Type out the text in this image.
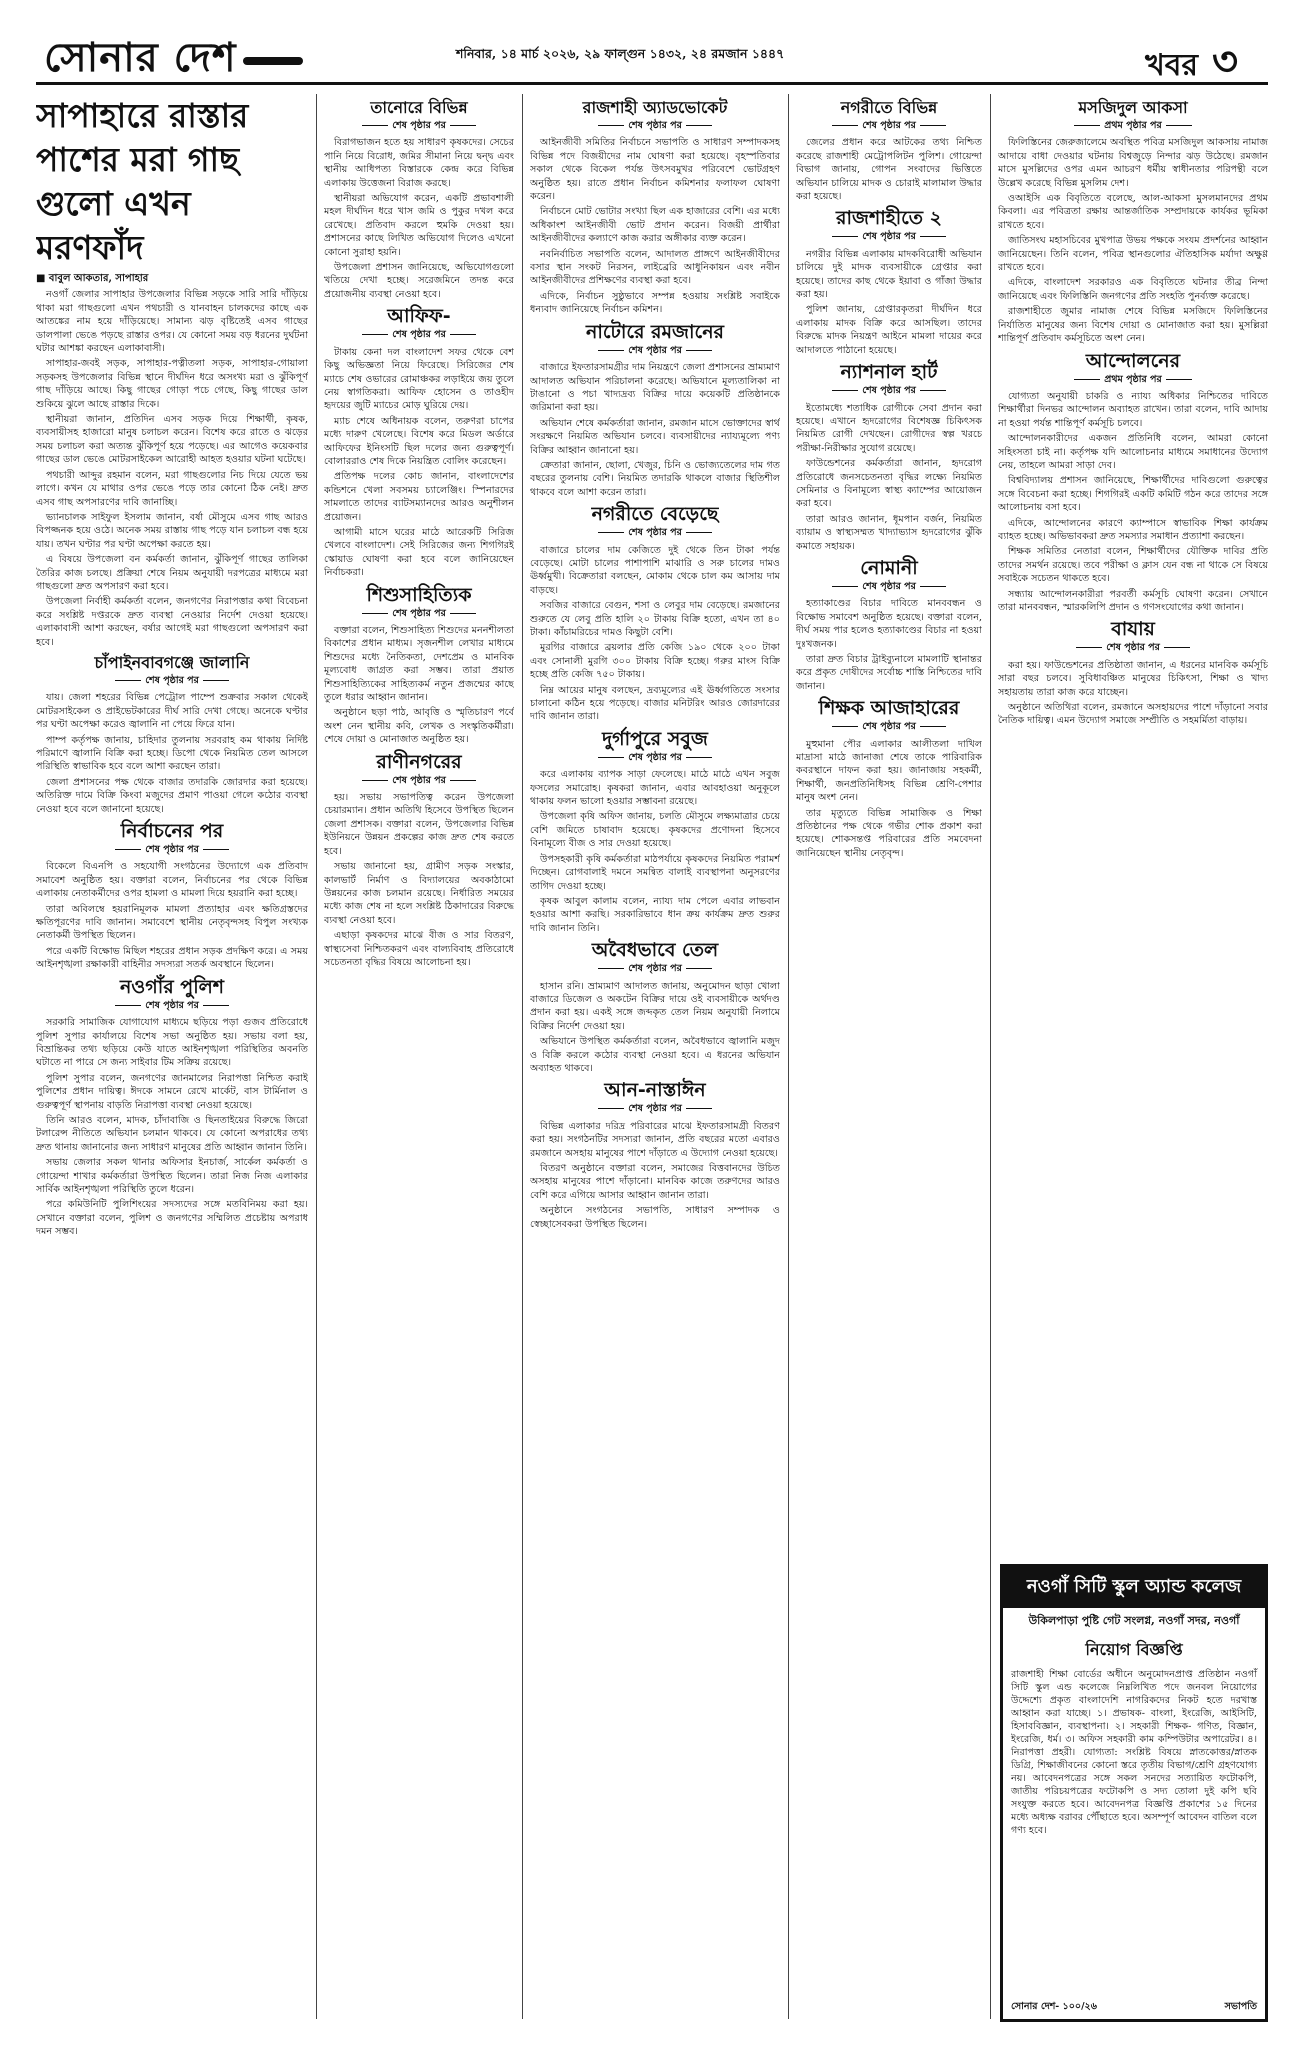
সোনার দেশ	শনিবার, ১৪ মার্চ ২০২৬, ২৯ ফাল্গুন ১৪৩২, ২৪ রমজান ১৪৪৭	খবর ৩
সাপাহারে রাস্তার পাশের মরা গাছ গুলো এখন মরণফাঁদ
■ বাবুল আকতার, সাপাহার

নওগাঁ জেলার সাপাহার উপজেলার বিভিন্ন সড়কে সারি সারি দাঁড়িয়ে থাকা মরা গাছগুলো এখন পথচারী ও যানবাহন চালকদের কাছে এক আতঙ্কের নাম হয়ে দাঁড়িয়েছে। সামান্য ঝড় বৃষ্টিতেই এসব গাছের ডালপালা ভেঙে পড়ছে রাস্তার ওপর। যে কোনো সময় বড় ধরনের দুর্ঘটনা ঘটার আশঙ্কা করছেন এলাকাবাসী।

সাপাহার-জবই সড়ক, সাপাহার-পত্নীতলা সড়ক, সাপাহার-গোয়ালা সড়কসহ উপজেলার বিভিন্ন স্থানে দীর্ঘদিন ধরে অসংখ্য মরা ও ঝুঁকিপূর্ণ গাছ দাঁড়িয়ে আছে। কিছু গাছের গোড়া পচে গেছে, কিছু গাছের ডাল শুকিয়ে ঝুলে আছে রাস্তার দিকে।

স্থানীয়রা জানান, প্রতিদিন এসব সড়ক দিয়ে শিক্ষার্থী, কৃষক, ব্যবসায়ীসহ হাজারো মানুষ চলাচল করেন। বিশেষ করে রাতে ও ঝড়ের সময় চলাচল করা অত্যন্ত ঝুঁকিপূর্ণ হয়ে পড়েছে। এর আগেও কয়েকবার গাছের ডাল ভেঙে মোটরসাইকেল আরোহী আহত হওয়ার ঘটনা ঘটেছে।

পথচারী আব্দুর রহমান বলেন, মরা গাছগুলোর নিচ দিয়ে যেতে ভয় লাগে। কখন যে মাথার ওপর ভেঙে পড়ে তার কোনো ঠিক নেই। দ্রুত এসব গাছ অপসারণের দাবি জানাচ্ছি।

ভ্যানচালক সাইফুল ইসলাম জানান, বর্ষা মৌসুমে এসব গাছ আরও বিপজ্জনক হয়ে ওঠে। অনেক সময় রাস্তায় গাছ পড়ে যান চলাচল বন্ধ হয়ে যায়। তখন ঘণ্টার পর ঘণ্টা অপেক্ষা করতে হয়।

এ বিষয়ে উপজেলা বন কর্মকর্তা জানান, ঝুঁকিপূর্ণ গাছের তালিকা তৈরির কাজ চলছে। প্রক্রিয়া শেষে নিয়ম অনুযায়ী দরপত্রের মাধ্যমে মরা গাছগুলো দ্রুত অপসারণ করা হবে।

উপজেলা নির্বাহী কর্মকর্তা বলেন, জনগণের নিরাপত্তার কথা বিবেচনা করে সংশ্লিষ্ট দপ্তরকে দ্রুত ব্যবস্থা নেওয়ার নির্দেশ দেওয়া হয়েছে। এলাকাবাসী আশা করছেন, বর্ষার আগেই মরা গাছগুলো অপসারণ করা হবে।

চাঁপাইনবাবগঞ্জে জালানি
শেষ পৃষ্ঠার পর

যায়। জেলা শহরের বিভিন্ন পেট্রোল পাম্পে শুক্রবার সকাল থেকেই মোটরসাইকেল ও প্রাইভেটকারের দীর্ঘ সারি দেখা গেছে। অনেকে ঘণ্টার পর ঘণ্টা অপেক্ষা করেও জ্বালানি না পেয়ে ফিরে যান।

পাম্প কর্তৃপক্ষ জানায়, চাহিদার তুলনায় সরবরাহ কম থাকায় নির্দিষ্ট পরিমাণে জ্বালানি বিক্রি করা হচ্ছে। ডিপো থেকে নিয়মিত তেল আসলে পরিস্থিতি স্বাভাবিক হবে বলে আশা করছেন তারা।

জেলা প্রশাসনের পক্ষ থেকে বাজার তদারকি জোরদার করা হয়েছে। অতিরিক্ত দামে বিক্রি কিংবা মজুদের প্রমাণ পাওয়া গেলে কঠোর ব্যবস্থা নেওয়া হবে বলে জানানো হয়েছে।

নির্বাচনের পর
শেষ পৃষ্ঠার পর

বিকেলে বিএনপি ও সহযোগী সংগঠনের উদ্যোগে এক প্রতিবাদ সমাবেশ অনুষ্ঠিত হয়। বক্তারা বলেন, নির্বাচনের পর থেকে বিভিন্ন এলাকায় নেতাকর্মীদের ওপর হামলা ও মামলা দিয়ে হয়রানি করা হচ্ছে।

তারা অবিলম্বে হয়রানিমূলক মামলা প্রত্যাহার এবং ক্ষতিগ্রস্তদের ক্ষতিপূরণের দাবি জানান। সমাবেশে স্থানীয় নেতৃবৃন্দসহ বিপুল সংখ্যক নেতাকর্মী উপস্থিত ছিলেন।

পরে একটি বিক্ষোভ মিছিল শহরের প্রধান সড়ক প্রদক্ষিণ করে। এ সময় আইনশৃঙ্খলা রক্ষাকারী বাহিনীর সদস্যরা সতর্ক অবস্থানে ছিলেন।

নওগাঁর পুলিশ
শেষ পৃষ্ঠার পর

সরকারি সামাজিক যোগাযোগ মাধ্যমে ছড়িয়ে পড়া গুজব প্রতিরোধে পুলিশ সুপার কার্যালয়ে বিশেষ সভা অনুষ্ঠিত হয়। সভায় বলা হয়, বিভ্রান্তিকর তথ্য ছড়িয়ে কেউ যাতে আইনশৃঙ্খলা পরিস্থিতির অবনতি ঘটাতে না পারে সে জন্য সাইবার টিম সক্রিয় রয়েছে।

পুলিশ সুপার বলেন, জনগণের জানমালের নিরাপত্তা নিশ্চিত করাই পুলিশের প্রধান দায়িত্ব। ঈদকে সামনে রেখে মার্কেট, বাস টার্মিনাল ও গুরুত্বপূর্ণ স্থাপনায় বাড়তি নিরাপত্তা ব্যবস্থা নেওয়া হয়েছে।

তিনি আরও বলেন, মাদক, চাঁদাবাজি ও ছিনতাইয়ের বিরুদ্ধে জিরো টলারেন্স নীতিতে অভিযান চলমান থাকবে। যে কোনো অপরাধের তথ্য দ্রুত থানায় জানানোর জন্য সাধারণ মানুষের প্রতি আহ্বান জানান তিনি।

সভায় জেলার সকল থানার অফিসার ইনচার্জ, সার্কেল কর্মকর্তা ও গোয়েন্দা শাখার কর্মকর্তারা উপস্থিত ছিলেন। তারা নিজ নিজ এলাকার সার্বিক আইনশৃঙ্খলা পরিস্থিতি তুলে ধরেন।

পরে কমিউনিটি পুলিশিংয়ের সদস্যদের সঙ্গে মতবিনিময় করা হয়। সেখানে বক্তারা বলেন, পুলিশ ও জনগণের সম্মিলিত প্রচেষ্টায় অপরাধ দমন সম্ভব।

তানোরে বিভিন্ন
শেষ পৃষ্ঠার পর

বিরাগভাজন হতে হয় সাধারণ কৃষকদের। সেচের পানি নিয়ে বিরোধ, জমির সীমানা নিয়ে দ্বন্দ্ব এবং স্থানীয় আধিপত্য বিস্তারকে কেন্দ্র করে বিভিন্ন এলাকায় উত্তেজনা বিরাজ করছে।

স্থানীয়রা অভিযোগ করেন, একটি প্রভাবশালী মহল দীর্ঘদিন ধরে খাস জমি ও পুকুর দখল করে রেখেছে। প্রতিবাদ করলে হুমকি দেওয়া হয়। প্রশাসনের কাছে লিখিত অভিযোগ দিলেও এখনো কোনো সুরাহা হয়নি।

উপজেলা প্রশাসন জানিয়েছে, অভিযোগগুলো খতিয়ে দেখা হচ্ছে। সরেজমিনে তদন্ত করে প্রয়োজনীয় ব্যবস্থা নেওয়া হবে।

আফিফ-
শেষ পৃষ্ঠার পর

টাকায় কেনা দল বাংলাদেশ সফর থেকে বেশ কিছু অভিজ্ঞতা নিয়ে ফিরেছে। সিরিজের শেষ ম্যাচে শেষ ওভারের রোমাঞ্চকর লড়াইয়ে জয় তুলে নেয় স্বাগতিকরা। আফিফ হোসেন ও তাওহীদ হৃদয়ের জুটি ম্যাচের মোড় ঘুরিয়ে দেয়।

ম্যাচ শেষে অধিনায়ক বলেন, তরুণরা চাপের মধ্যে দারুণ খেলেছে। বিশেষ করে মিডল অর্ডারে আফিফের ইনিংসটি ছিল দলের জন্য গুরুত্বপূর্ণ। বোলাররাও শেষ দিকে নিয়ন্ত্রিত বোলিং করেছেন।

প্রতিপক্ষ দলের কোচ জানান, বাংলাদেশের কন্ডিশনে খেলা সবসময় চ্যালেঞ্জিং। স্পিনারদের সামলাতে তাদের ব্যাটসম্যানদের আরও অনুশীলন প্রয়োজন।

আগামী মাসে ঘরের মাঠে আরেকটি সিরিজ খেলবে বাংলাদেশ। সেই সিরিজের জন্য শিগগিরই স্কোয়াড ঘোষণা করা হবে বলে জানিয়েছেন নির্বাচকরা।

শিশুসাহিত্যিক
শেষ পৃষ্ঠার পর

বক্তারা বলেন, শিশুসাহিত্য শিশুদের মননশীলতা বিকাশের প্রধান মাধ্যম। সৃজনশীল লেখার মাধ্যমে শিশুদের মধ্যে নৈতিকতা, দেশপ্রেম ও মানবিক মূল্যবোধ জাগ্রত করা সম্ভব। তারা প্রয়াত শিশুসাহিত্যিকের সাহিত্যকর্ম নতুন প্রজন্মের কাছে তুলে ধরার আহ্বান জানান।

অনুষ্ঠানে ছড়া পাঠ, আবৃত্তি ও স্মৃতিচারণ পর্বে অংশ নেন স্থানীয় কবি, লেখক ও সংস্কৃতিকর্মীরা। শেষে দোয়া ও মোনাজাত অনুষ্ঠিত হয়।

রাণীনগরের
শেষ পৃষ্ঠার পর

হয়। সভায় সভাপতিত্ব করেন উপজেলা চেয়ারম্যান। প্রধান অতিথি হিসেবে উপস্থিত ছিলেন জেলা প্রশাসক। বক্তারা বলেন, উপজেলার বিভিন্ন ইউনিয়নে উন্নয়ন প্রকল্পের কাজ দ্রুত শেষ করতে হবে।

সভায় জানানো হয়, গ্রামীণ সড়ক সংস্কার, কালভার্ট নির্মাণ ও বিদ্যালয়ের অবকাঠামো উন্নয়নের কাজ চলমান রয়েছে। নির্ধারিত সময়ের মধ্যে কাজ শেষ না হলে সংশ্লিষ্ট ঠিকাদারের বিরুদ্ধে ব্যবস্থা নেওয়া হবে।

এছাড়া কৃষকদের মাঝে বীজ ও সার বিতরণ, স্বাস্থ্যসেবা নিশ্চিতকরণ এবং বাল্যবিবাহ প্রতিরোধে সচেতনতা বৃদ্ধির বিষয়ে আলোচনা হয়।

রাজশাহী অ্যাডভোকেট
শেষ পৃষ্ঠার পর

আইনজীবী সমিতির নির্বাচনে সভাপতি ও সাধারণ সম্পাদকসহ বিভিন্ন পদে বিজয়ীদের নাম ঘোষণা করা হয়েছে। বৃহস্পতিবার সকাল থেকে বিকেল পর্যন্ত উৎসবমুখর পরিবেশে ভোটগ্রহণ অনুষ্ঠিত হয়। রাতে প্রধান নির্বাচন কমিশনার ফলাফল ঘোষণা করেন।

নির্বাচনে মোট ভোটার সংখ্যা ছিল এক হাজারের বেশি। এর মধ্যে অধিকাংশ আইনজীবী ভোট প্রদান করেন। বিজয়ী প্রার্থীরা আইনজীবীদের কল্যাণে কাজ করার অঙ্গীকার ব্যক্ত করেন।

নবনির্বাচিত সভাপতি বলেন, আদালত প্রাঙ্গণে আইনজীবীদের বসার স্থান সংকট নিরসন, লাইব্রেরি আধুনিকায়ন এবং নবীন আইনজীবীদের প্রশিক্ষণের ব্যবস্থা করা হবে।

এদিকে, নির্বাচন সুষ্ঠুভাবে সম্পন্ন হওয়ায় সংশ্লিষ্ট সবাইকে ধন্যবাদ জানিয়েছে নির্বাচন কমিশন।

নাটোরে রমজানের
শেষ পৃষ্ঠার পর

বাজারে ইফতারসামগ্রীর দাম নিয়ন্ত্রণে জেলা প্রশাসনের ভ্রাম্যমাণ আদালত অভিযান পরিচালনা করেছে। অভিযানে মূল্যতালিকা না টাঙানো ও পচা খাদ্যদ্রব্য বিক্রির দায়ে কয়েকটি প্রতিষ্ঠানকে জরিমানা করা হয়।

অভিযান শেষে কর্মকর্তারা জানান, রমজান মাসে ভোক্তাদের স্বার্থ সংরক্ষণে নিয়মিত অভিযান চলবে। ব্যবসায়ীদের ন্যায্যমূল্যে পণ্য বিক্রির আহ্বান জানানো হয়।

ক্রেতারা জানান, ছোলা, খেজুর, চিনি ও ভোজ্যতেলের দাম গত বছরের তুলনায় বেশি। নিয়মিত তদারকি থাকলে বাজার স্থিতিশীল থাকবে বলে আশা করেন তারা।

নগরীতে বেড়েছে
শেষ পৃষ্ঠার পর

বাজারে চালের দাম কেজিতে দুই থেকে তিন টাকা পর্যন্ত বেড়েছে। মোটা চালের পাশাপাশি মাঝারি ও সরু চালের দামও ঊর্ধ্বমুখী। বিক্রেতারা বলছেন, মোকাম থেকে চাল কম আসায় দাম বাড়ছে।

সবজির বাজারে বেগুন, শসা ও লেবুর দাম বেড়েছে। রমজানের শুরুতে যে লেবু প্রতি হালি ২০ টাকায় বিক্রি হতো, এখন তা ৪০ টাকা। কাঁচামরিচের দামও কিছুটা বেশি।

মুরগির বাজারে ব্রয়লার প্রতি কেজি ১৯০ থেকে ২০০ টাকা এবং সোনালী মুরগি ৩০০ টাকায় বিক্রি হচ্ছে। গরুর মাংস বিক্রি হচ্ছে প্রতি কেজি ৭৫০ টাকায়।

নিম্ন আয়ের মানুষ বলছেন, দ্রব্যমূল্যের এই ঊর্ধ্বগতিতে সংসার চালানো কঠিন হয়ে পড়েছে। বাজার মনিটরিং আরও জোরদারের দাবি জানান তারা।

দুর্গাপুরে সবুজ
শেষ পৃষ্ঠার পর

করে এলাকায় ব্যাপক সাড়া ফেলেছে। মাঠে মাঠে এখন সবুজ ফসলের সমারোহ। কৃষকরা জানান, এবার আবহাওয়া অনুকূলে থাকায় ফলন ভালো হওয়ার সম্ভাবনা রয়েছে।

উপজেলা কৃষি অফিস জানায়, চলতি মৌসুমে লক্ষ্যমাত্রার চেয়ে বেশি জমিতে চাষাবাদ হয়েছে। কৃষকদের প্রণোদনা হিসেবে বিনামূল্যে বীজ ও সার দেওয়া হয়েছে।

উপসহকারী কৃষি কর্মকর্তারা মাঠপর্যায়ে কৃষকদের নিয়মিত পরামর্শ দিচ্ছেন। রোগবালাই দমনে সমন্বিত বালাই ব্যবস্থাপনা অনুসরণের তাগিদ দেওয়া হচ্ছে।

কৃষক আবুল কালাম বলেন, ন্যায্য দাম পেলে এবার লাভবান হওয়ার আশা করছি। সরকারিভাবে ধান ক্রয় কার্যক্রম দ্রুত শুরুর দাবি জানান তিনি।

অবৈধভাবে তেল
শেষ পৃষ্ঠার পর

হাসান রনি। ভ্রাম্যমাণ আদালত জানায়, অনুমোদন ছাড়া খোলা বাজারে ডিজেল ও অকটেন বিক্রির দায়ে ওই ব্যবসায়ীকে অর্থদণ্ড প্রদান করা হয়। একই সঙ্গে জব্দকৃত তেল নিয়ম অনুযায়ী নিলামে বিক্রির নির্দেশ দেওয়া হয়।

অভিযানে উপস্থিত কর্মকর্তারা বলেন, অবৈধভাবে জ্বালানি মজুদ ও বিক্রি করলে কঠোর ব্যবস্থা নেওয়া হবে। এ ধরনের অভিযান অব্যাহত থাকবে।

আন-নাস্তাঈন
শেষ পৃষ্ঠার পর

বিভিন্ন এলাকার দরিদ্র পরিবারের মাঝে ইফতারসামগ্রী বিতরণ করা হয়। সংগঠনটির সদস্যরা জানান, প্রতি বছরের মতো এবারও রমজানে অসহায় মানুষের পাশে দাঁড়াতে এ উদ্যোগ নেওয়া হয়েছে।

বিতরণ অনুষ্ঠানে বক্তারা বলেন, সমাজের বিত্তবানদের উচিত অসহায় মানুষের পাশে দাঁড়ানো। মানবিক কাজে তরুণদের আরও বেশি করে এগিয়ে আসার আহ্বান জানান তারা।

অনুষ্ঠানে সংগঠনের সভাপতি, সাধারণ সম্পাদক ও স্বেচ্ছাসেবকরা উপস্থিত ছিলেন।

নগরীতে বিভিন্ন
শেষ পৃষ্ঠার পর

জেলের প্রধান করে আটকের তথ্য নিশ্চিত করেছে রাজশাহী মেট্রোপলিটন পুলিশ। গোয়েন্দা বিভাগ জানায়, গোপন সংবাদের ভিত্তিতে অভিযান চালিয়ে মাদক ও চোরাই মালামাল উদ্ধার করা হয়েছে।

রাজশাহীতে ২
শেষ পৃষ্ঠার পর

নগরীর বিভিন্ন এলাকায় মাদকবিরোধী অভিযান চালিয়ে দুই মাদক ব্যবসায়ীকে গ্রেপ্তার করা হয়েছে। তাদের কাছ থেকে ইয়াবা ও গাঁজা উদ্ধার করা হয়।

পুলিশ জানায়, গ্রেপ্তারকৃতরা দীর্ঘদিন ধরে এলাকায় মাদক বিক্রি করে আসছিল। তাদের বিরুদ্ধে মাদক নিয়ন্ত্রণ আইনে মামলা দায়ের করে আদালতে পাঠানো হয়েছে।

ন্যাশনাল হার্ট
শেষ পৃষ্ঠার পর

ইতোমধ্যে শতাধিক রোগীকে সেবা প্রদান করা হয়েছে। এখানে হৃদরোগের বিশেষজ্ঞ চিকিৎসক নিয়মিত রোগী দেখছেন। রোগীদের স্বল্প খরচে পরীক্ষা-নিরীক্ষার সুযোগ রয়েছে।

ফাউন্ডেশনের কর্মকর্তারা জানান, হৃদরোগ প্রতিরোধে জনসচেতনতা বৃদ্ধির লক্ষ্যে নিয়মিত সেমিনার ও বিনামূল্যে স্বাস্থ্য ক্যাম্পের আয়োজন করা হবে।

তারা আরও জানান, ধূমপান বর্জন, নিয়মিত ব্যায়াম ও স্বাস্থ্যসম্মত খাদ্যাভ্যাস হৃদরোগের ঝুঁকি কমাতে সহায়ক।

নোমানী
শেষ পৃষ্ঠার পর

হত্যাকাণ্ডের বিচার দাবিতে মানববন্ধন ও বিক্ষোভ সমাবেশ অনুষ্ঠিত হয়েছে। বক্তারা বলেন, দীর্ঘ সময় পার হলেও হত্যাকাণ্ডের বিচার না হওয়া দুঃখজনক।

তারা দ্রুত বিচার ট্রাইব্যুনালে মামলাটি স্থানান্তর করে প্রকৃত দোষীদের সর্বোচ্চ শাস্তি নিশ্চিতের দাবি জানান।

শিক্ষক আজাহারের
শেষ পৃষ্ঠার পর

মুহুমানা পৌর এলাকার আলীতলা দাখিল মাদ্রাসা মাঠে জানাজা শেষে তাকে পারিবারিক কবরস্থানে দাফন করা হয়। জানাজায় সহকর্মী, শিক্ষার্থী, জনপ্রতিনিধিসহ বিভিন্ন শ্রেণি-পেশার মানুষ অংশ নেন।

তার মৃত্যুতে বিভিন্ন সামাজিক ও শিক্ষা প্রতিষ্ঠানের পক্ষ থেকে গভীর শোক প্রকাশ করা হয়েছে। শোকসন্তপ্ত পরিবারের প্রতি সমবেদনা জানিয়েছেন স্থানীয় নেতৃবৃন্দ।

মসজিদুল আকসা
প্রথম পৃষ্ঠার পর

ফিলিস্তিনের জেরুজালেমে অবস্থিত পবিত্র মসজিদুল আকসায় নামাজ আদায়ে বাধা দেওয়ার ঘটনায় বিশ্বজুড়ে নিন্দার ঝড় উঠেছে। রমজান মাসে মুসল্লিদের ওপর এমন আচরণ ধর্মীয় স্বাধীনতার পরিপন্থী বলে উল্লেখ করেছে বিভিন্ন মুসলিম দেশ।

ওআইসি এক বিবৃতিতে বলেছে, আল-আকসা মুসলমানদের প্রথম কিবলা। এর পবিত্রতা রক্ষায় আন্তর্জাতিক সম্প্রদায়কে কার্যকর ভূমিকা রাখতে হবে।

জাতিসংঘ মহাসচিবের মুখপাত্র উভয় পক্ষকে সংযম প্রদর্শনের আহ্বান জানিয়েছেন। তিনি বলেন, পবিত্র স্থানগুলোর ঐতিহাসিক মর্যাদা অক্ষুণ্ণ রাখতে হবে।

এদিকে, বাংলাদেশ সরকারও এক বিবৃতিতে ঘটনার তীব্র নিন্দা জানিয়েছে এবং ফিলিস্তিনি জনগণের প্রতি সংহতি পুনর্ব্যক্ত করেছে।

রাজশাহীতে জুমার নামাজ শেষে বিভিন্ন মসজিদে ফিলিস্তিনের নির্যাতিত মানুষের জন্য বিশেষ দোয়া ও মোনাজাত করা হয়। মুসল্লিরা শান্তিপূর্ণ প্রতিবাদ কর্মসূচিতে অংশ নেন।

আন্দোলনের
প্রথম পৃষ্ঠার পর

যোগ্যতা অনুযায়ী চাকরি ও ন্যায্য অধিকার নিশ্চিতের দাবিতে শিক্ষার্থীরা দিনভর আন্দোলন অব্যাহত রাখেন। তারা বলেন, দাবি আদায় না হওয়া পর্যন্ত শান্তিপূর্ণ কর্মসূচি চলবে।

আন্দোলনকারীদের একজন প্রতিনিধি বলেন, আমরা কোনো সহিংসতা চাই না। কর্তৃপক্ষ যদি আলোচনার মাধ্যমে সমাধানের উদ্যোগ নেয়, তাহলে আমরা সাড়া দেব।

বিশ্ববিদ্যালয় প্রশাসন জানিয়েছে, শিক্ষার্থীদের দাবিগুলো গুরুত্বের সঙ্গে বিবেচনা করা হচ্ছে। শিগগিরই একটি কমিটি গঠন করে তাদের সঙ্গে আলোচনায় বসা হবে।

এদিকে, আন্দোলনের কারণে ক্যাম্পাসে স্বাভাবিক শিক্ষা কার্যক্রম ব্যাহত হচ্ছে। অভিভাবকরা দ্রুত সমস্যার সমাধান প্রত্যাশা করছেন।

শিক্ষক সমিতির নেতারা বলেন, শিক্ষার্থীদের যৌক্তিক দাবির প্রতি তাদের সমর্থন রয়েছে। তবে পরীক্ষা ও ক্লাস যেন বন্ধ না থাকে সে বিষয়ে সবাইকে সচেতন থাকতে হবে।

সন্ধ্যায় আন্দোলনকারীরা পরবর্তী কর্মসূচি ঘোষণা করেন। সেখানে তারা মানববন্ধন, স্মারকলিপি প্রদান ও গণসংযোগের কথা জানান।

বাযায়
শেষ পৃষ্ঠার পর

করা হয়। ফাউন্ডেশনের প্রতিষ্ঠাতা জানান, এ ধরনের মানবিক কর্মসূচি সারা বছর চলবে। সুবিধাবঞ্চিত মানুষের চিকিৎসা, শিক্ষা ও খাদ্য সহায়তায় তারা কাজ করে যাচ্ছেন।

অনুষ্ঠানে অতিথিরা বলেন, রমজানে অসহায়দের পাশে দাঁড়ানো সবার নৈতিক দায়িত্ব। এমন উদ্যোগ সমাজে সম্প্রীতি ও সহমর্মিতা বাড়ায়।

নওগাঁ সিটি স্কুল অ্যান্ড কলেজ
উকিলপাড়া পুষ্টি গেট সংলগ্ন, নওগাঁ সদর, নওগাঁ
নিয়োগ বিজ্ঞপ্তি
রাজশাহী শিক্ষা বোর্ডের অধীনে অনুমোদনপ্রাপ্ত প্রতিষ্ঠান নওগাঁ সিটি স্কুল এন্ড কলেজে নিম্নলিখিত পদে জনবল নিয়োগের উদ্দেশ্যে প্রকৃত বাংলাদেশি নাগরিকদের নিকট হতে দরখাস্ত আহ্বান করা যাচ্ছে। ১। প্রভাষক- বাংলা, ইংরেজি, আইসিটি, হিসাববিজ্ঞান, ব্যবস্থাপনা। ২। সহকারী শিক্ষক- গণিত, বিজ্ঞান, ইংরেজি, ধর্ম। ৩। অফিস সহকারী কাম কম্পিউটার অপারেটর। ৪। নিরাপত্তা প্রহরী। যোগ্যতা: সংশ্লিষ্ট বিষয়ে স্নাতকোত্তর/স্নাতক ডিগ্রি, শিক্ষাজীবনের কোনো স্তরে তৃতীয় বিভাগ/শ্রেণি গ্রহণযোগ্য নয়। আবেদনপত্রের সঙ্গে সকল সনদের সত্যায়িত ফটোকপি, জাতীয় পরিচয়পত্রের ফটোকপি ও সদ্য তোলা দুই কপি ছবি সংযুক্ত করতে হবে। আবেদনপত্র বিজ্ঞপ্তি প্রকাশের ১৫ দিনের মধ্যে অধ্যক্ষ বরাবর পৌঁছাতে হবে। অসম্পূর্ণ আবেদন বাতিল বলে গণ্য হবে।
সোনার দেশ- ১০০/২৬	সভাপতি
